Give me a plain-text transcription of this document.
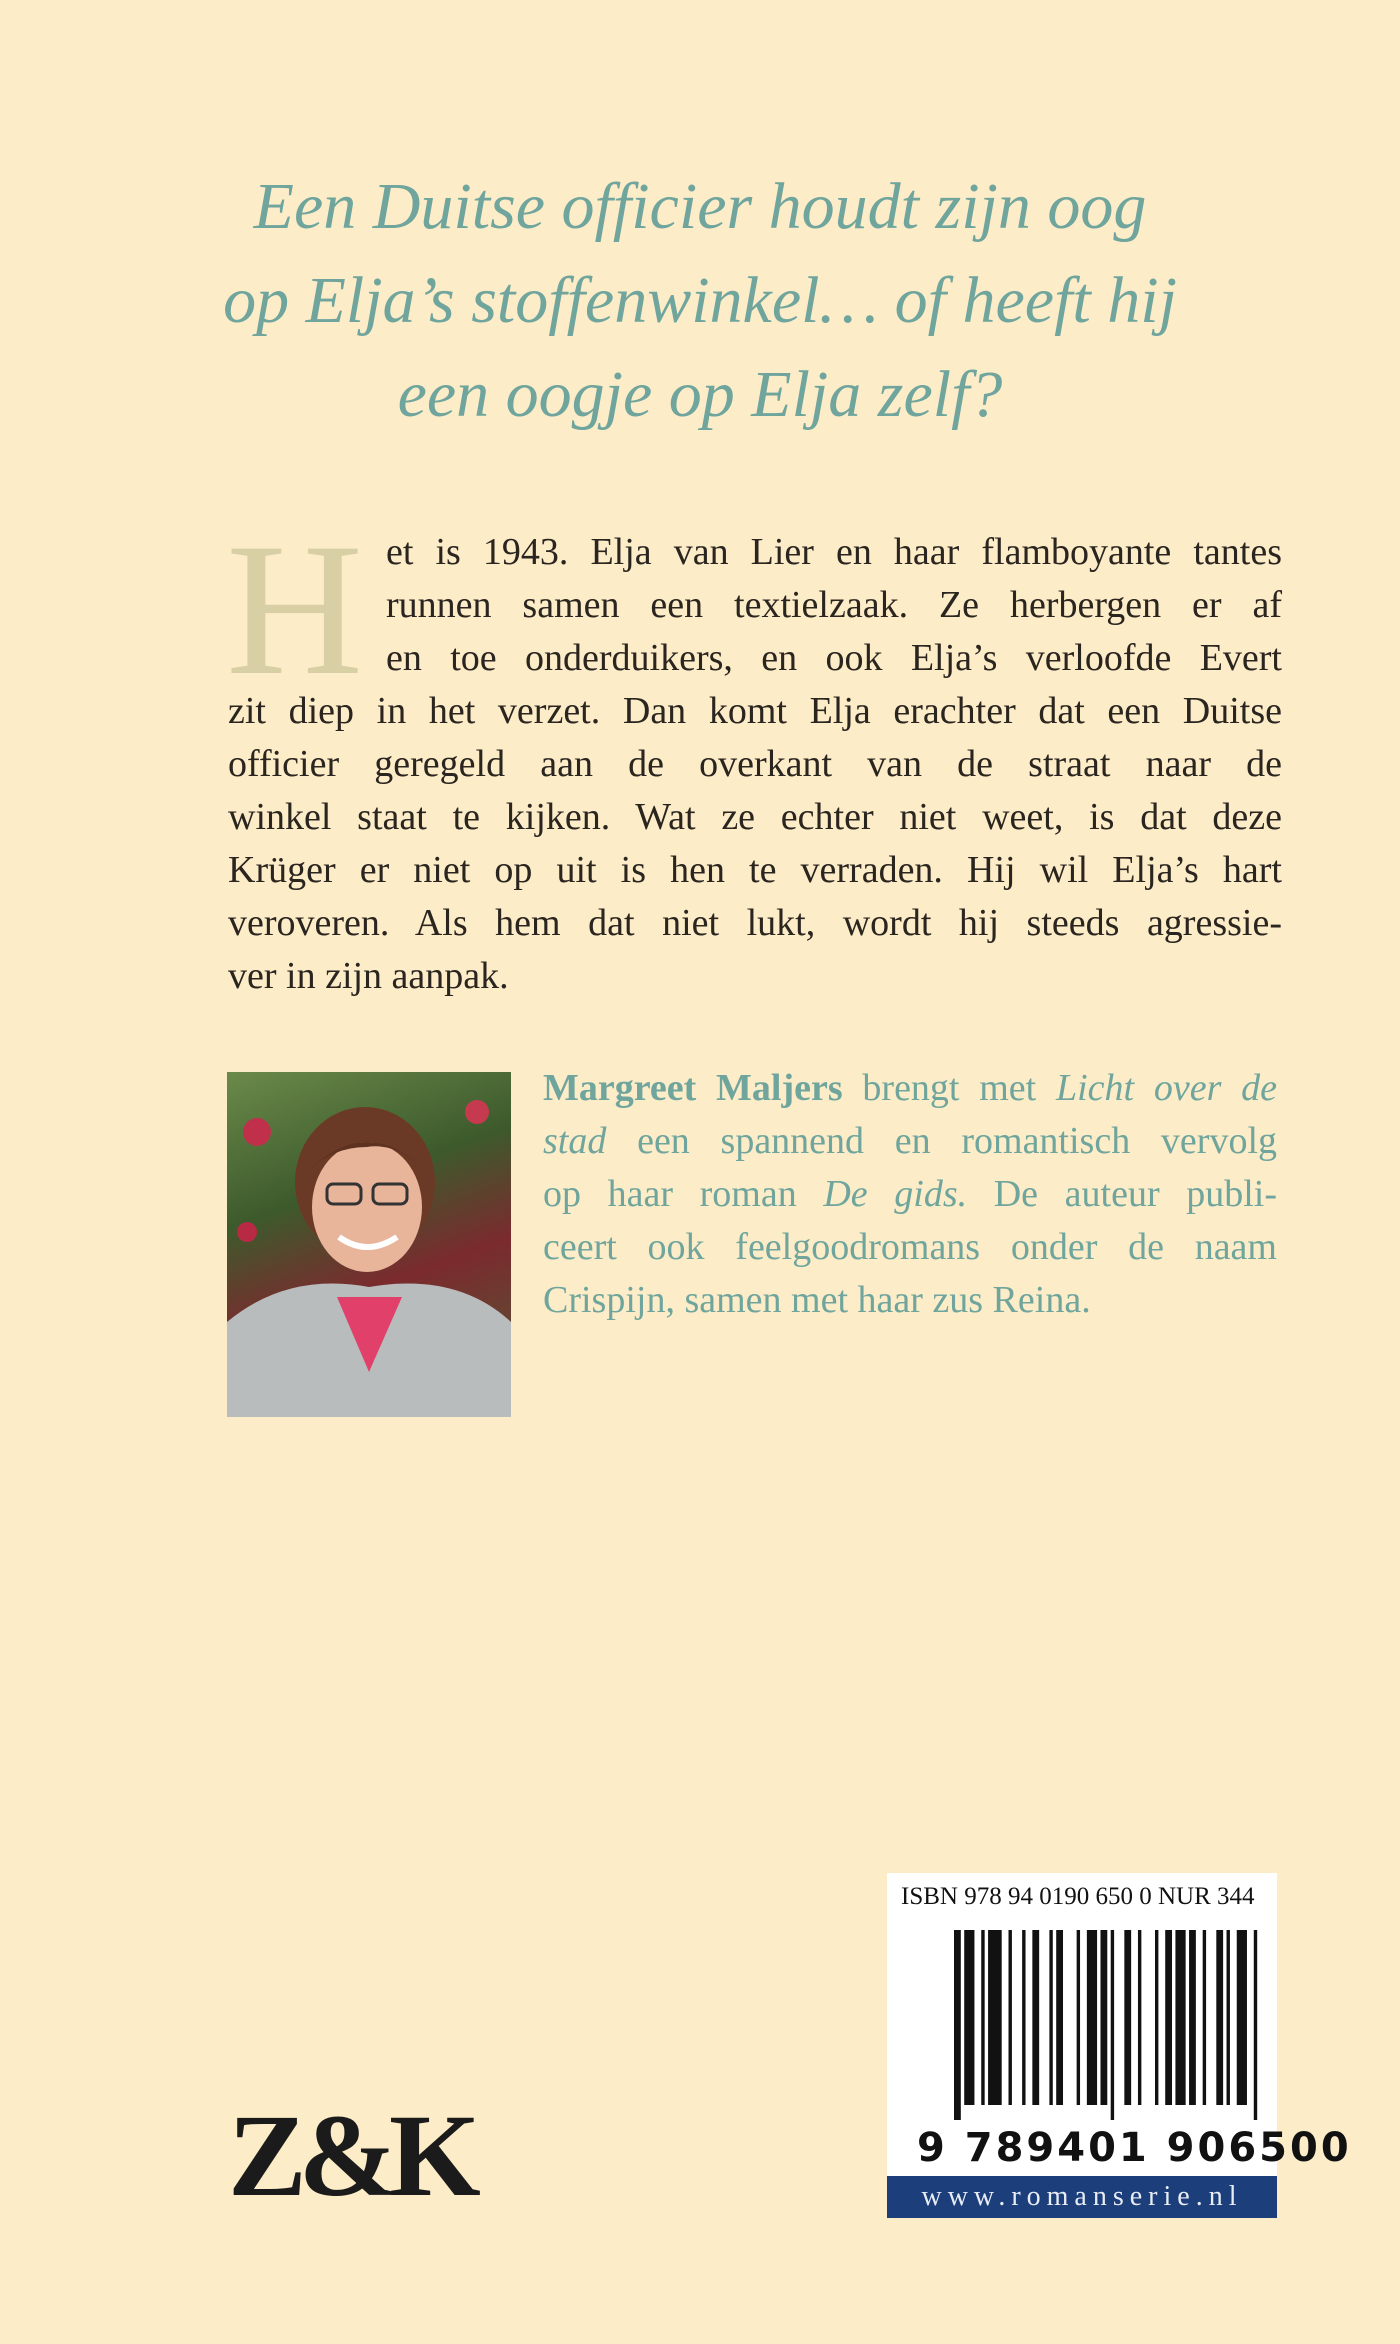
Een Duitse officier houdt zijn oog
op Elja’s stoffenwinkel… of heeft hij
een oogje op Elja zelf?
H et is 1943. Elja van Lier en haar flamboyante tantes
runnen samen een textielzaak. Ze herbergen er af
en toe onderduikers, en ook Elja’s verloofde Evert
zit diep in het verzet. Dan komt Elja erachter dat een Duitse
officier geregeld aan de overkant van de straat naar de
winkel staat te kijken. Wat ze echter niet weet, is dat deze
Krüger er niet op uit is hen te verraden. Hij wil Elja’s hart
veroveren. Als hem dat niet lukt, wordt hij steeds agressie-
ver in zijn aanpak.
Margreet Maljers brengt met Licht over de
stad een spannend en romantisch vervolg
op haar roman De gids. De auteur publi-
ceert ook feelgoodromans onder de naam
Crispijn, samen met haar zus Reina.
ISBN 978 94 0190 650 0 NUR 344
9 789401 906500
www.romanserie.nl
Z&K
